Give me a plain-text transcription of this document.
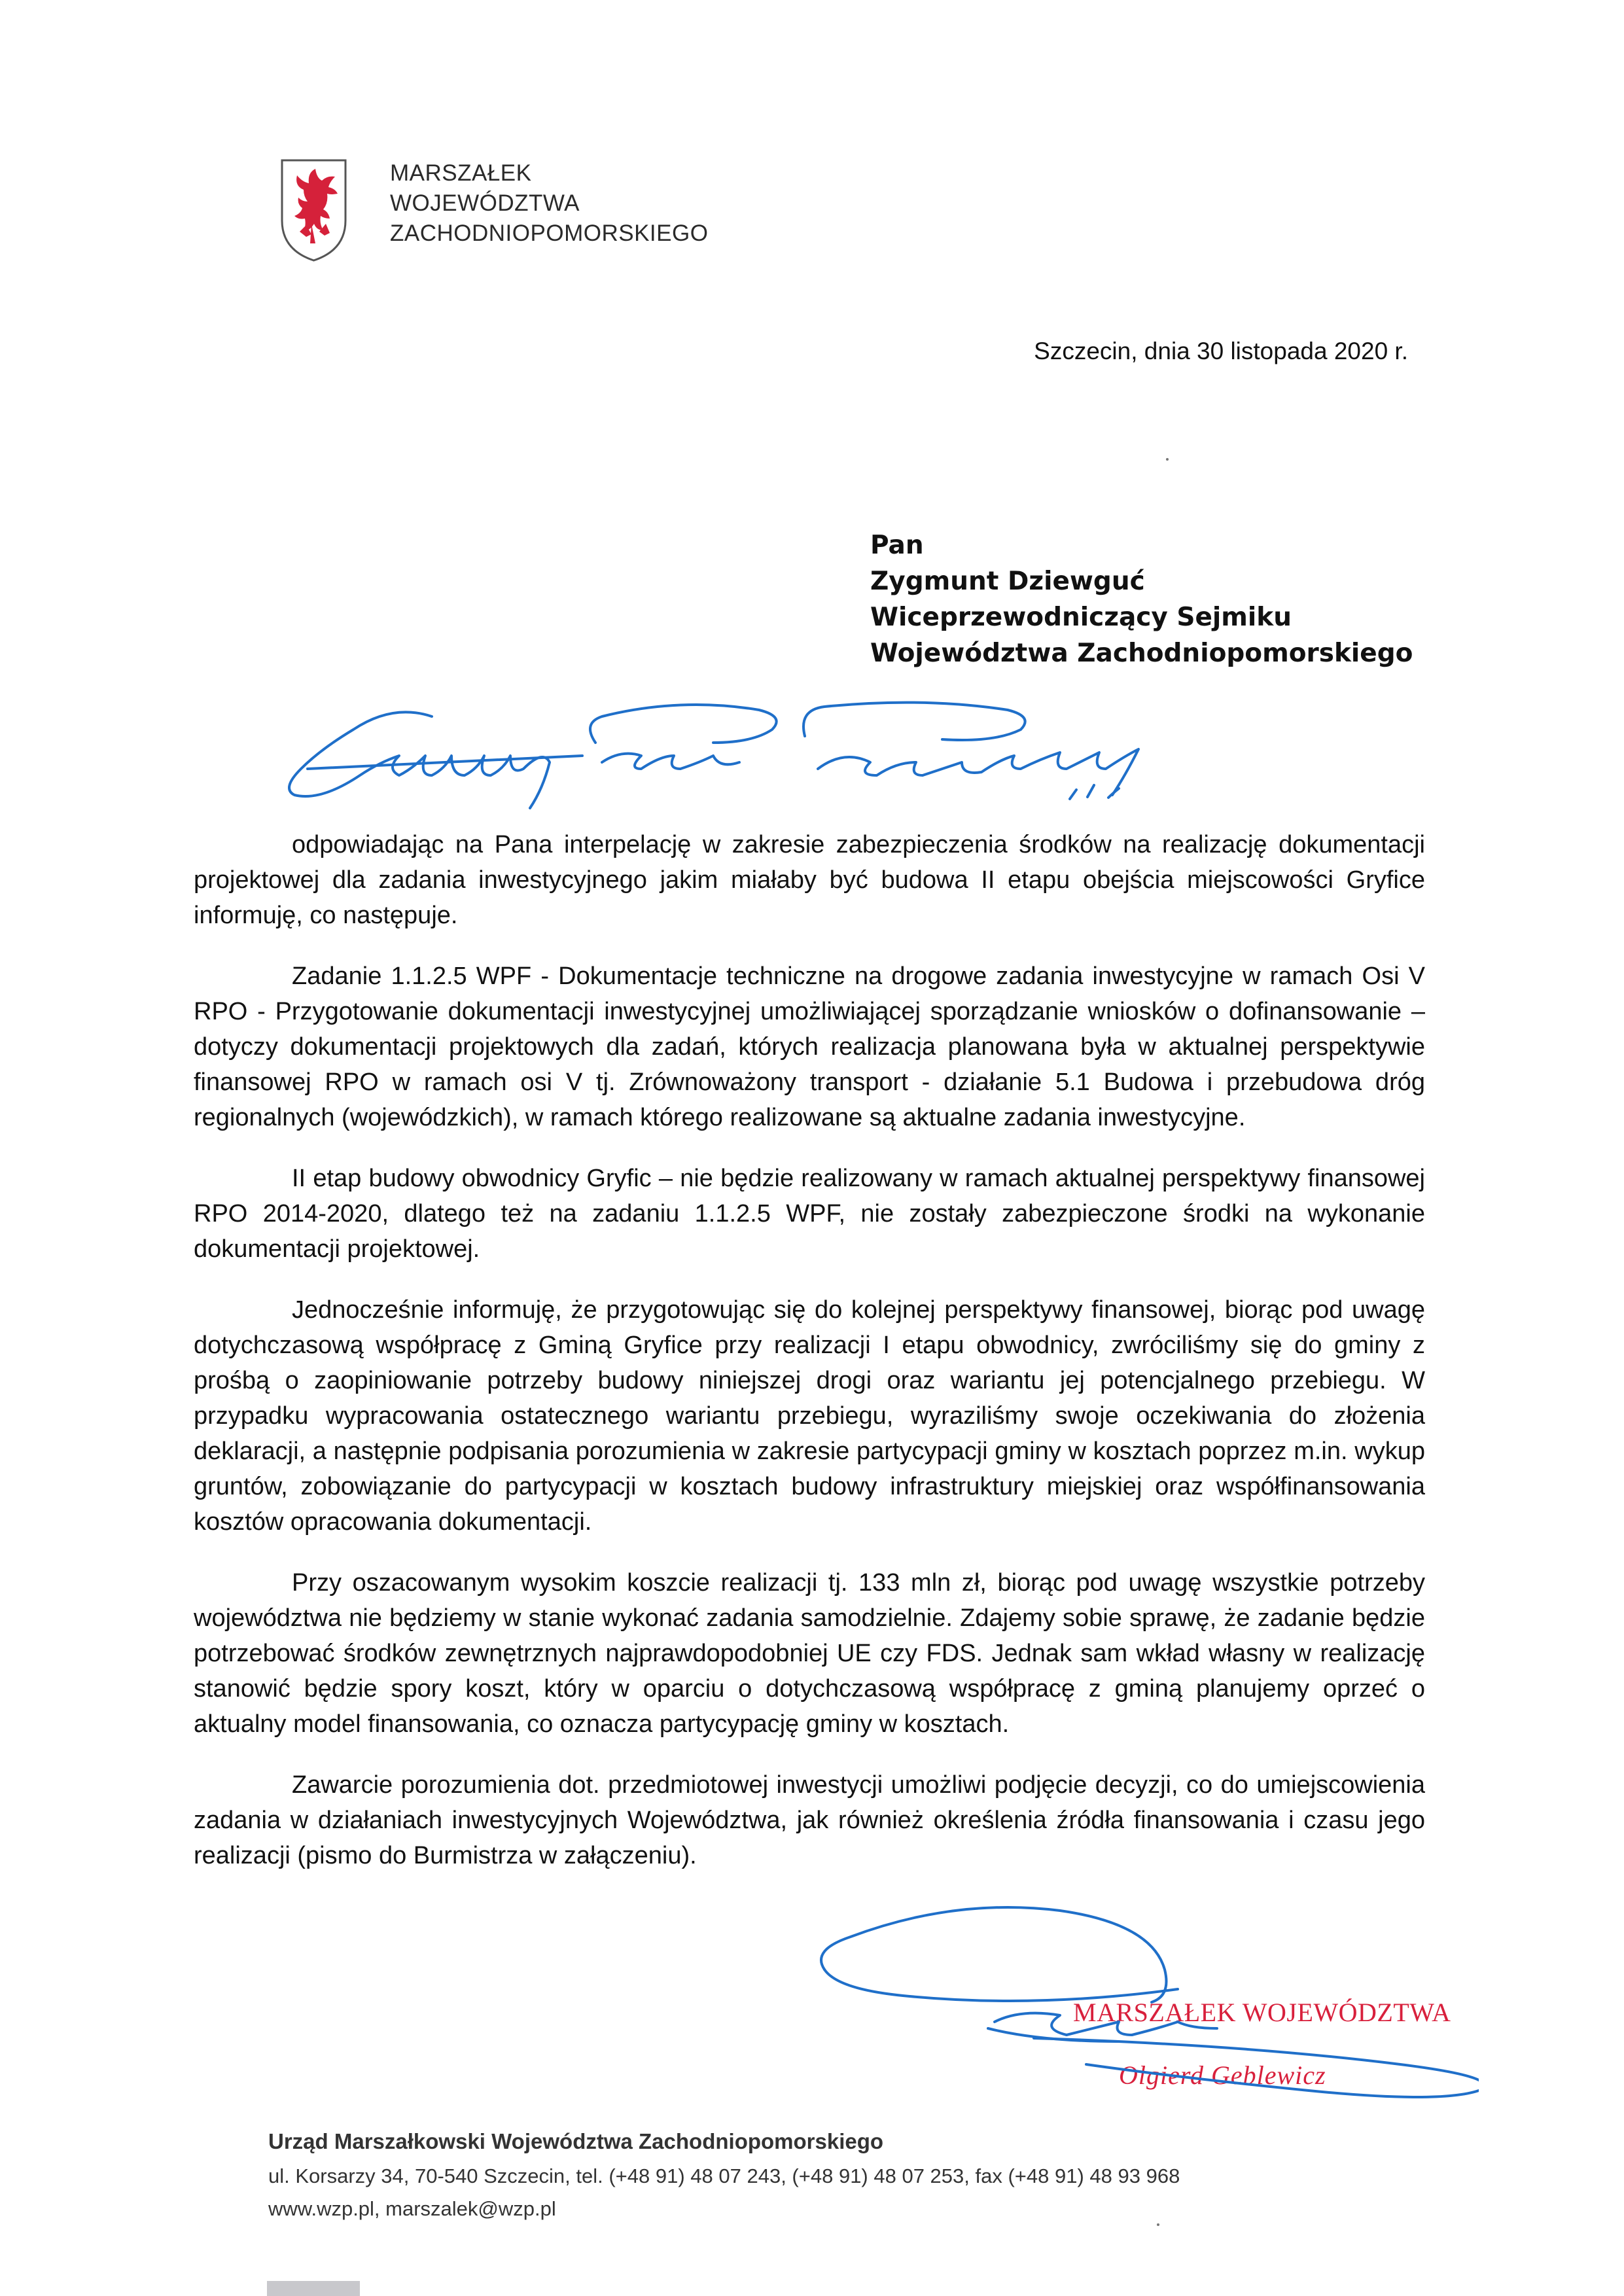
MARSZAŁEK
WOJEWÓDZTWA
ZACHODNIOPOMORSKIEGO
Szczecin, dnia 30 listopada 2020 r.
Pan
Zygmunt Dziewguć
Wiceprzewodniczący Sejmiku
Województwa Zachodniopomorskiego

odpowiadając na Pana interpelację w zakresie zabezpieczenia środków na realizację dokumentacji projektowej dla zadania inwestycyjnego jakim miałaby być budowa II etapu obejścia miejscowości Gryfice informuję, co następuje.

Zadanie 1.1.2.5 WPF - Dokumentacje techniczne na drogowe zadania inwestycyjne w ramach Osi V RPO - Przygotowanie dokumentacji inwestycyjnej umożliwiającej sporządzanie wniosków o dofinansowanie – dotyczy dokumentacji projektowych dla zadań, których realizacja planowana była w aktualnej perspektywie finansowej RPO w ramach osi V tj. Zrównoważony transport - działanie 5.1 Budowa i przebudowa dróg regionalnych (wojewódzkich), w ramach którego realizowane są aktualne zadania inwestycyjne.

II etap budowy obwodnicy Gryfic – nie będzie realizowany w ramach aktualnej perspektywy finansowej RPO 2014-2020, dlatego też na zadaniu 1.1.2.5 WPF, nie zostały zabezpieczone środki na wykonanie dokumentacji projektowej.

Jednocześnie informuję, że przygotowując się do kolejnej perspektywy finansowej, biorąc pod uwagę dotychczasową współpracę z Gminą Gryfice przy realizacji I etapu obwodnicy, zwróciliśmy się do gminy z prośbą o zaopiniowanie potrzeby budowy niniejszej drogi oraz wariantu jej potencjalnego przebiegu. W przypadku wypracowania ostatecznego wariantu przebiegu, wyraziliśmy swoje oczekiwania do złożenia deklaracji, a następnie podpisania porozumienia w zakresie partycypacji gminy w kosztach poprzez m.in. wykup gruntów, zobowiązanie do partycypacji w kosztach budowy infrastruktury miejskiej oraz współfinansowania kosztów opracowania dokumentacji.

Przy oszacowanym wysokim koszcie realizacji tj. 133 mln zł, biorąc pod uwagę wszystkie potrzeby województwa nie będziemy w stanie wykonać zadania samodzielnie. Zdajemy sobie sprawę, że zadanie będzie potrzebować środków zewnętrznych najprawdopodobniej UE czy FDS. Jednak sam wkład własny w realizację stanowić będzie spory koszt, który w oparciu o dotychczasową współpracę z gminą planujemy oprzeć o aktualny model finansowania, co oznacza partycypację gminy w kosztach.

Zawarcie porozumienia dot. przedmiotowej inwestycji umożliwi podjęcie decyzji, co do umiejscowienia zadania w działaniach inwestycyjnych Województwa, jak również określenia źródła finansowania i czasu jego realizacji (pismo do Burmistrza w załączeniu).

MARSZAŁEK WOJEWÓDZTWA
Olgierd Geblewicz
Urząd Marszałkowski Województwa Zachodniopomorskiego
ul. Korsarzy 34, 70-540 Szczecin, tel. (+48 91) 48 07 243, (+48 91) 48 07 253, fax (+48 91) 48 93 968
www.wzp.pl, marszalek@wzp.pl
